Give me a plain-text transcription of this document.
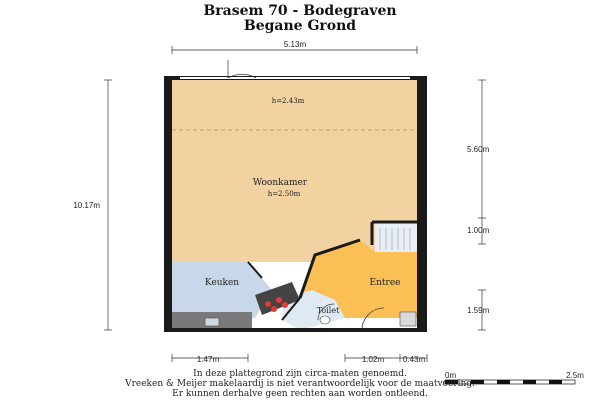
Brasem 70 - Bodegraven
Begane Grond
h=2.43m
Woonkamer
h=2.50m
Keuken	Entree
Toilet
5.13m
10.17m
5.60m
1.00m
1.59m
1.47m	1.02m 0.43m
0m	2.5m
In deze plattegrond zijn circa-maten genoemd.
Vreeken & Meijer makelaardij is niet verantwoordelijk voor de maatvoering.
Er kunnen derhalve geen rechten aan worden ontleend.
